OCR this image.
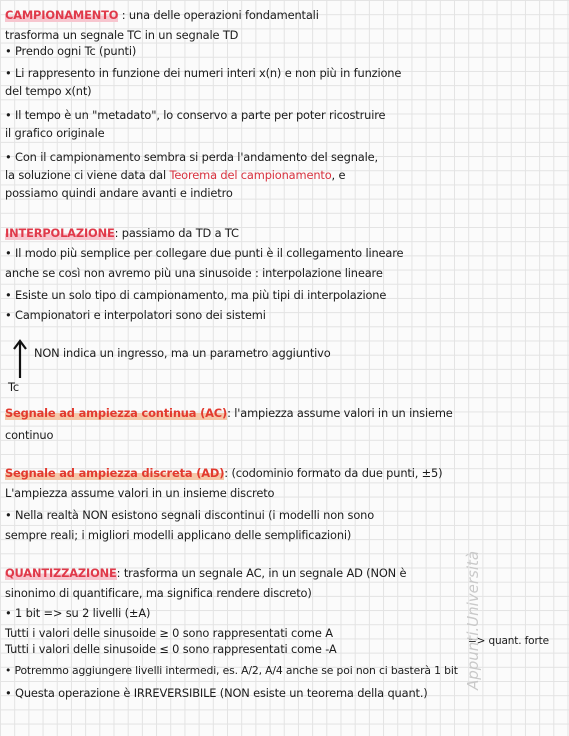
CAMPIONAMENTO : una delle operazioni fondamentali
trasforma un segnale TC in un segnale TD
• Prendo ogni Tc (punti)
• Li rappresento in funzione dei numeri interi x(n) e non più in funzione
del tempo x(nt)
• Il tempo è un "metadato", lo conservo a parte per poter ricostruire
il grafico originale
• Con il campionamento sembra si perda l'andamento del segnale,
la soluzione ci viene data dal Teorema del campionamento, e
possiamo quindi andare avanti e indietro
INTERPOLAZIONE: passiamo da TD a TC
• Il modo più semplice per collegare due punti è il collegamento lineare
anche se così non avremo più una sinusoide : interpolazione lineare
• Esiste un solo tipo di campionamento, ma più tipi di interpolazione
• Campionatori e interpolatori sono dei sistemi
NON indica un ingresso, ma un parametro aggiuntivo
Tc
Segnale ad ampiezza continua (AC): l'ampiezza assume valori in un insieme
continuo
Segnale ad ampiezza discreta (AD): (codominio formato da due punti, ±5)
L'ampiezza assume valori in un insieme discreto
• Nella realtà NON esistono segnali discontinui (i modelli non sono
sempre reali; i migliori modelli applicano delle semplificazioni)
QUANTIZZAZIONE: trasforma un segnale AC, in un segnale AD (NON è
sinonimo di quantificare, ma significa rendere discreto)
• 1 bit => su 2 livelli (±A)
Tutti i valori delle sinusoide ≥ 0 sono rappresentati come A
Tutti i valori delle sinusoide ≤ 0 sono rappresentati come -A
=> quant. forte
• Potremmo aggiungere livelli intermedi, es. A/2, A/4 anche se poi non ci basterà 1 bit
• Questa operazione è IRREVERSIBILE (NON esiste un teorema della quant.)
Appunti.Università
